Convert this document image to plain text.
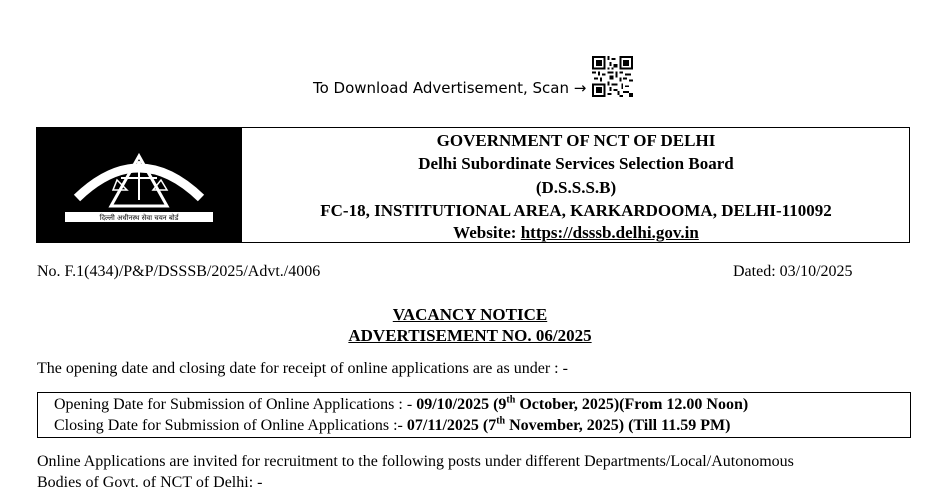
To Download Advertisement, Scan →
दिल्ली अधीनस्थ सेवा चयन बोर्ड
GOVERNMENT OF NCT OF DELHI
Delhi Subordinate Services Selection Board
(D.S.S.S.B)
FC-18, INSTITUTIONAL AREA, KARKARDOOMA, DELHI-110092
Website: https://dsssb.delhi.gov.in
No. F.1(434)/P&P/DSSSB/2025/Advt./4006	Dated: 03/10/2025
VACANCY NOTICE
ADVERTISEMENT NO. 06/2025
The opening date and closing date for receipt of online applications are as under : -
Opening Date for Submission of Online Applications : - 09/10/2025 (9th October, 2025)(From 12.00 Noon)
Closing Date for Submission of Online Applications :- 07/11/2025 (7th November, 2025) (Till 11.59 PM)
Online Applications are invited for recruitment to the following posts under different Departments/Local/Autonomous
Bodies of Govt. of NCT of Delhi: -
